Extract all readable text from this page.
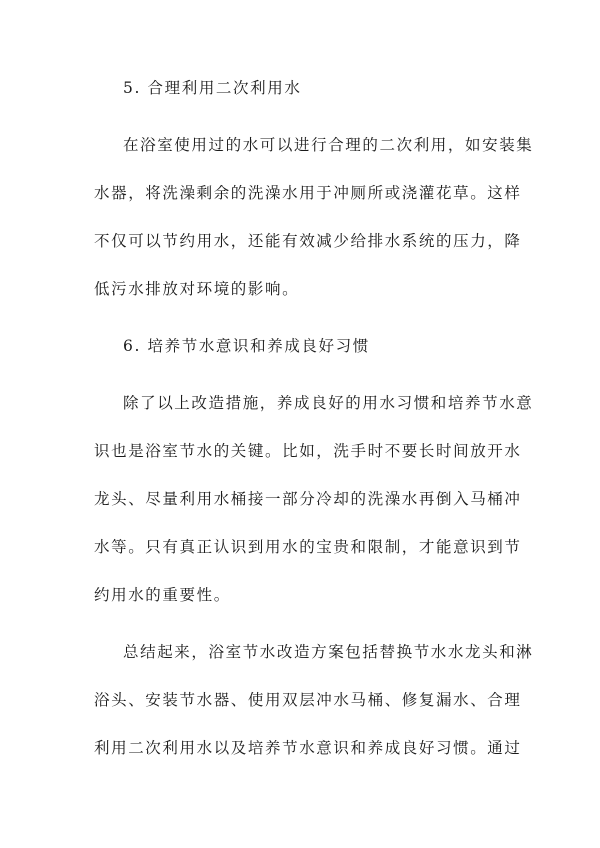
5. 合理利用二次利用水
在浴室使用过的水可以进行合理的二次利用，如安装集
水器，将洗澡剩余的洗澡水用于冲厕所或浇灌花草。这样
不仅可以节约用水，还能有效减少给排水系统的压力，降
低污水排放对环境的影响。
6. 培养节水意识和养成良好习惯
除了以上改造措施，养成良好的用水习惯和培养节水意
识也是浴室节水的关键。比如，洗手时不要长时间放开水
龙头、尽量利用水桶接一部分冷却的洗澡水再倒入马桶冲
水等。只有真正认识到用水的宝贵和限制，才能意识到节
约用水的重要性。
总结起来，浴室节水改造方案包括替换节水水龙头和淋
浴头、安装节水器、使用双层冲水马桶、修复漏水、合理
利用二次利用水以及培养节水意识和养成良好习惯。通过
